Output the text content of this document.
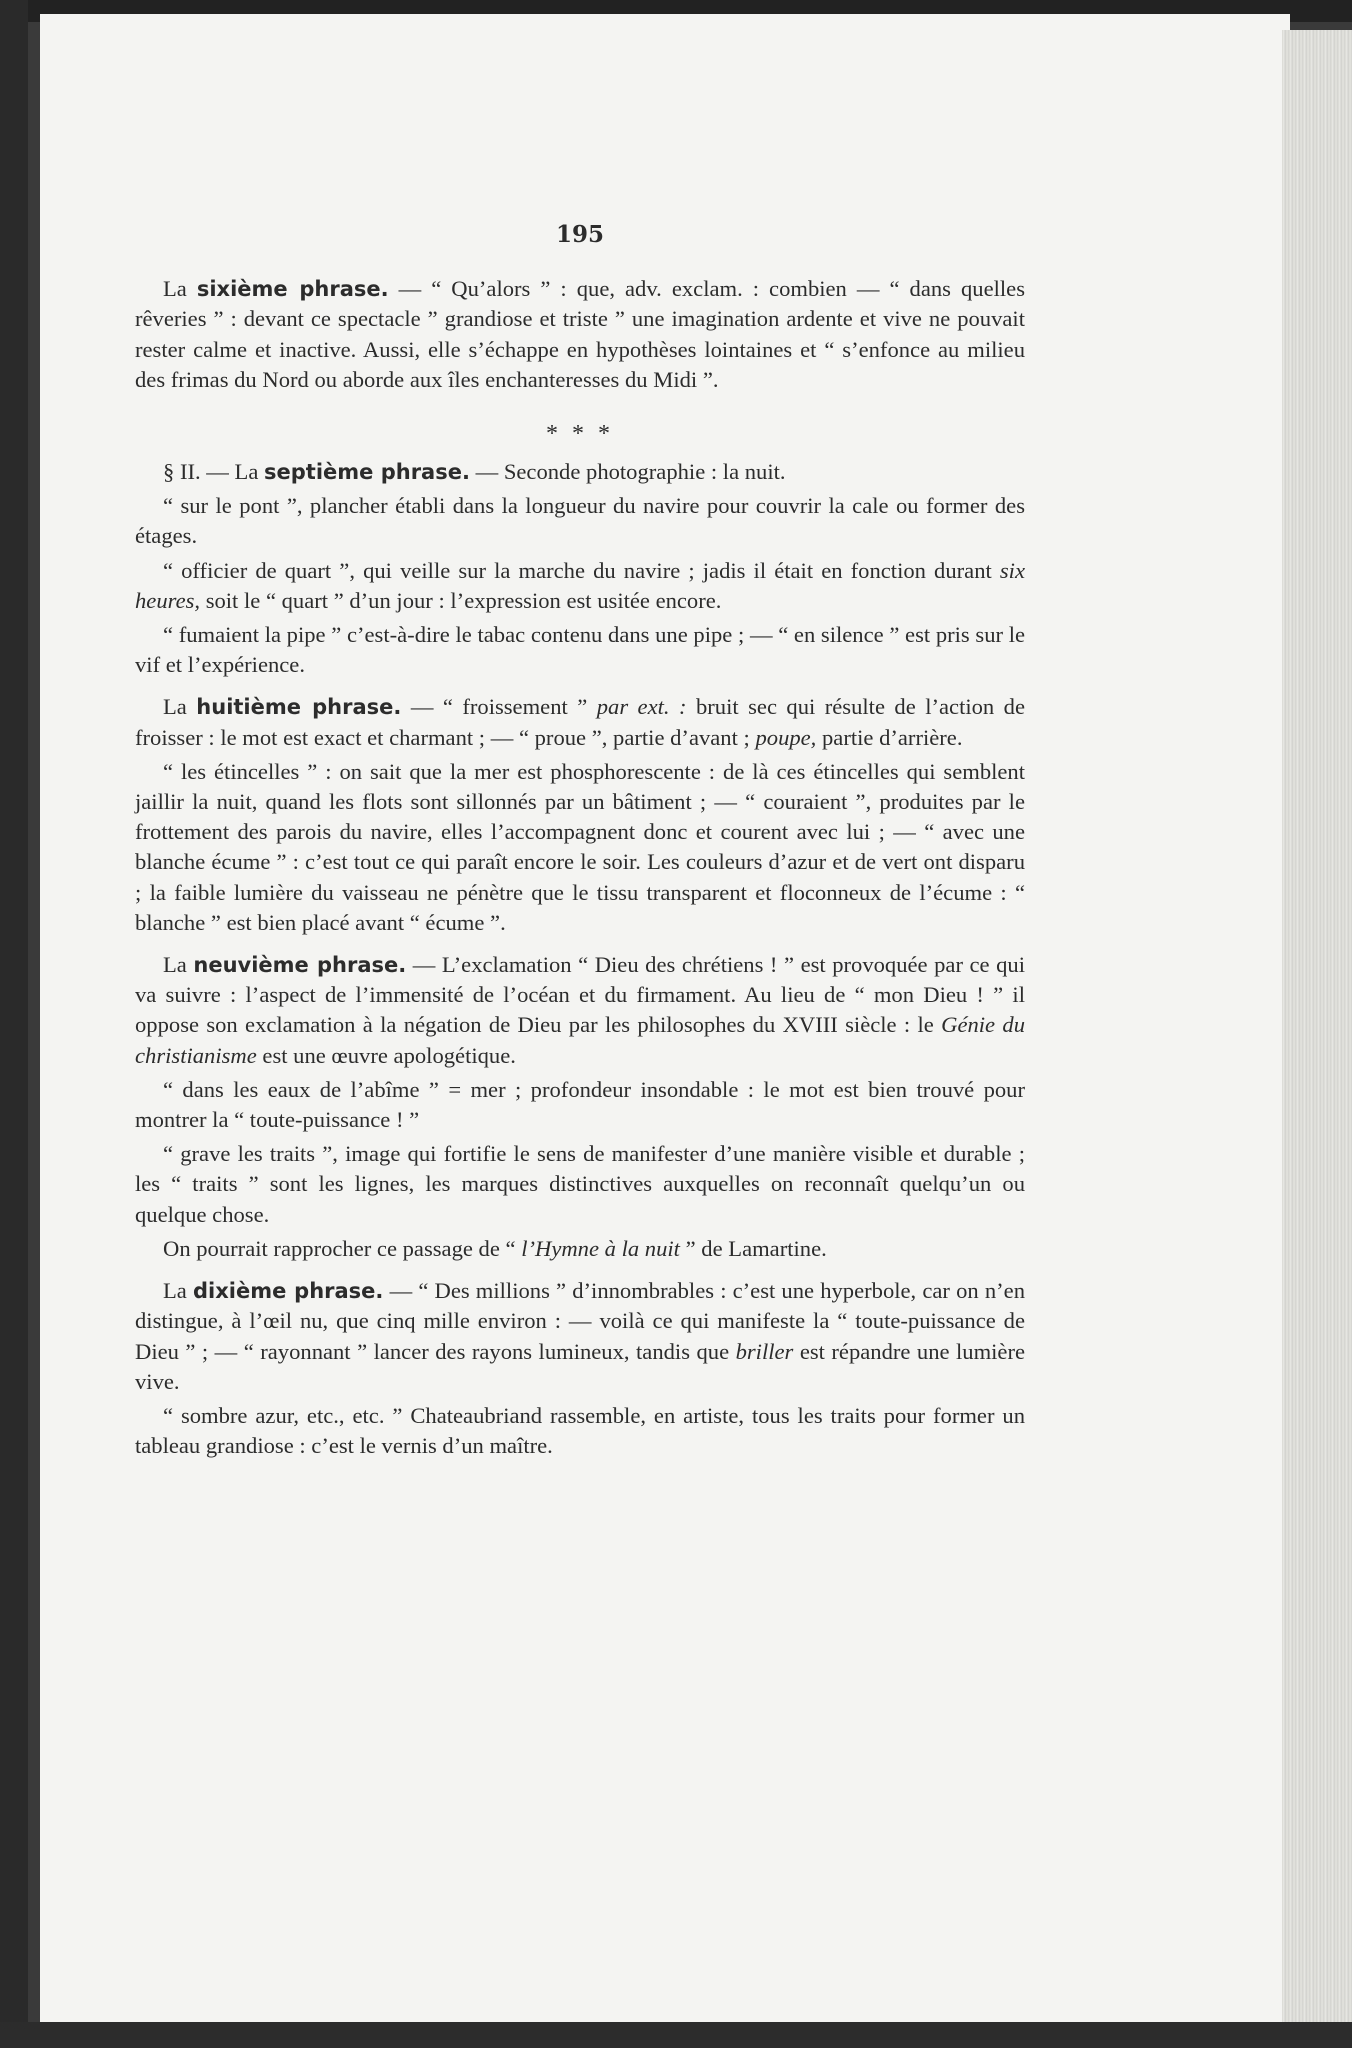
195

La sixième phrase. — “ Qu’alors ” : que, adv. exclam. : combien — “ dans quelles rêveries ” : devant ce spectacle ” grandiose et triste ” une imagination ardente et vive ne pouvait rester calme et inactive. Aussi, elle s’échappe en hypothèses lointaines et “ s’enfonce au milieu des frimas du Nord ou aborde aux îles enchanteresses du Midi ”.

* * *

§ II. — La septième phrase. — Seconde photographie : la nuit.

“ sur le pont ”, plancher établi dans la longueur du navire pour couvrir la cale ou former des étages.

“ officier de quart ”, qui veille sur la marche du navire ; jadis il était en fonction durant six heures, soit le “ quart ” d’un jour : l’expression est usitée encore.

“ fumaient la pipe ” c’est-à-dire le tabac contenu dans une pipe ; — “ en silence ” est pris sur le vif et l’expérience.

La huitième phrase. — “ froissement ” par ext. : bruit sec qui résulte de l’action de froisser : le mot est exact et charmant ; — “ proue ”, partie d’avant ; poupe, partie d’arrière.

“ les étincelles ” : on sait que la mer est phosphorescente : de là ces étincelles qui semblent jaillir la nuit, quand les flots sont sillonnés par un bâtiment ; — “ couraient ”, produites par le frottement des parois du navire, elles l’accompagnent donc et courent avec lui ; — “ avec une blanche écume ” : c’est tout ce qui paraît encore le soir. Les couleurs d’azur et de vert ont disparu ; la faible lumière du vaisseau ne pénètre que le tissu transparent et floconneux de l’écume : “ blanche ” est bien placé avant “ écume ”.

La neuvième phrase. — L’exclamation “ Dieu des chrétiens ! ” est provoquée par ce qui va suivre : l’aspect de l’immensité de l’océan et du firmament. Au lieu de “ mon Dieu ! ” il oppose son exclamation à la négation de Dieu par les philosophes du XVIII siècle : le Génie du christianisme est une œuvre apologétique.

“ dans les eaux de l’abîme ” = mer ; profondeur insondable : le mot est bien trouvé pour montrer la “ toute-puissance ! ”

“ grave les traits ”, image qui fortifie le sens de manifester d’une manière visible et durable ; les “ traits ” sont les lignes, les marques distinctives auxquelles on reconnaît quelqu’un ou quelque chose.

On pourrait rapprocher ce passage de “ l’Hymne à la nuit ” de Lamartine.

La dixième phrase. — “ Des millions ” d’innombrables : c’est une hyperbole, car on n’en distingue, à l’œil nu, que cinq mille environ : — voilà ce qui manifeste la “ toute-puissance de Dieu ” ; — “ rayonnant ” lancer des rayons lumineux, tandis que briller est répandre une lumière vive.

“ sombre azur, etc., etc. ” Chateaubriand rassemble, en artiste, tous les traits pour former un tableau grandiose : c’est le vernis d’un maître.
